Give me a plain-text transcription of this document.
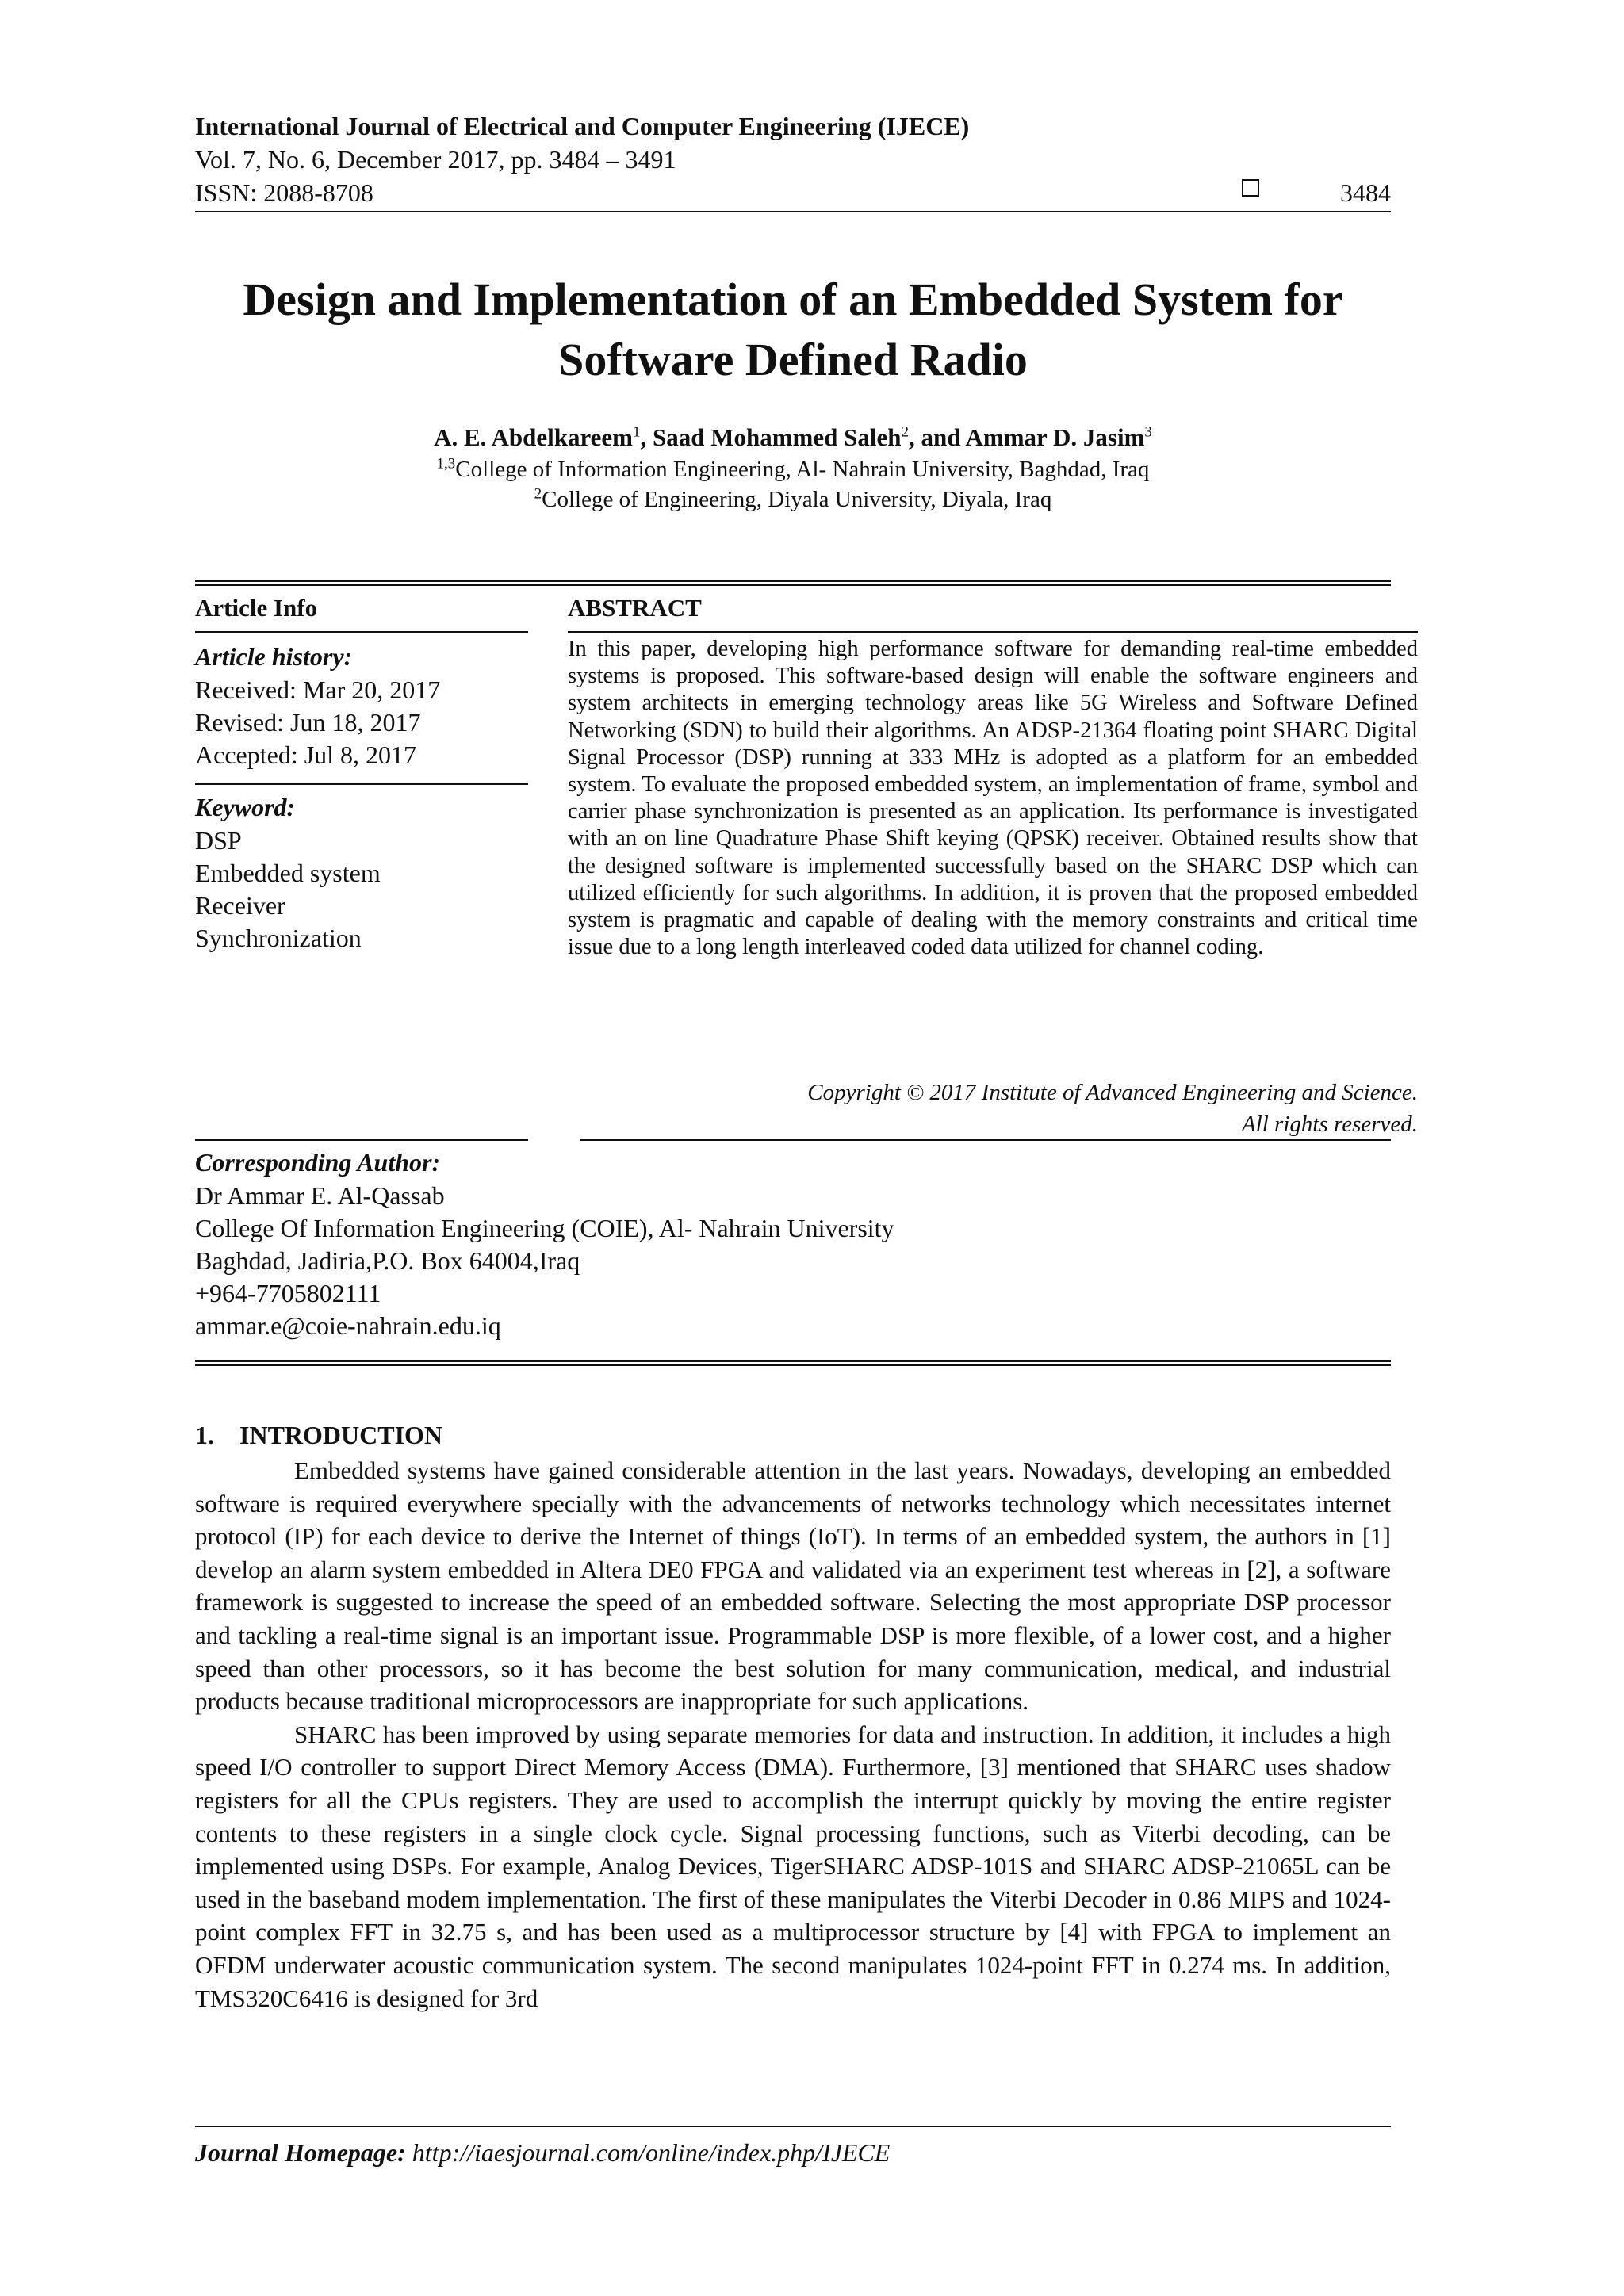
International Journal of Electrical and Computer Engineering (IJECE)
Vol. 7, No. 6, December 2017, pp. 3484 – 3491
ISSN: 2088-8708	3484
Design and Implementation of an Embedded System for
Software Defined Radio
A. E. Abdelkareem$^1$, Saad Mohammed Saleh$^2$, and Ammar D. Jasim$^3$
$^{1,3}$College of Information Engineering, Al- Nahrain University, Baghdad, Iraq
$^2$College of Engineering, Diyala University, Diyala, Iraq
Article Info
Article history:
Received: Mar 20, 2017
Revised: Jun 18, 2017
Accepted: Jul 8, 2017
Keyword:
DSP
Embedded system
Receiver
Synchronization
ABSTRACT
In this paper, developing high performance software for demanding real-time embedded systems is proposed. This software-based design will enable the software engineers and system architects in emerging technology areas like 5G Wireless and Software Defined Networking (SDN) to build their algorithms. An ADSP-21364 floating point SHARC Digital Signal Processor (DSP) running at 333 MHz is adopted as a platform for an embedded system. To evaluate the proposed embedded system, an implementation of frame, symbol and carrier phase synchronization is presented as an application. Its performance is investigated with an on line Quadrature Phase Shift keying (QPSK) receiver. Obtained results show that the designed software is implemented successfully based on the SHARC DSP which can utilized efficiently for such algorithms. In addition, it is proven that the proposed embedded system is pragmatic and capable of dealing with the memory constraints and critical time issue due to a long length interleaved coded data utilized for channel coding.
Copyright © 2017 Institute of Advanced Engineering and Science.
All rights reserved.
Corresponding Author:
Dr Ammar E. Al-Qassab
College Of Information Engineering (COIE), Al- Nahrain University
Baghdad, Jadiria,P.O. Box 64004,Iraq
+964-7705802111
ammar.e@coie-nahrain.edu.iq
1.    INTRODUCTION

Embedded systems have gained considerable attention in the last years. Nowadays, developing an embedded software is required everywhere specially with the advancements of networks technology which necessitates internet protocol (IP) for each device to derive the Internet of things (IoT). In terms of an embedded system, the authors in [1] develop an alarm system embedded in Altera DE0 FPGA and validated via an experiment test whereas in [2], a software framework is suggested to increase the speed of an embedded software. Selecting the most appropriate DSP processor and tackling a real-time signal is an important issue. Programmable DSP is more flexible, of a lower cost, and a higher speed than other processors, so it has become the best solution for many communication, medical, and industrial products because traditional microprocessors are inappropriate for such applications.

SHARC has been improved by using separate memories for data and instruction. In addition, it includes a high speed I/O controller to support Direct Memory Access (DMA). Furthermore, [3] mentioned that SHARC uses shadow registers for all the CPUs registers. They are used to accomplish the interrupt quickly by moving the entire register contents to these registers in a single clock cycle. Signal processing functions, such as Viterbi decoding, can be implemented using DSPs. For example, Analog Devices, TigerSHARC ADSP-101S and SHARC ADSP-21065L can be used in the baseband modem implementation. The first of these manipulates the Viterbi Decoder in 0.86 MIPS and 1024-point complex FFT in 32.75 s, and has been used as a multiprocessor structure by [4] with FPGA to implement an OFDM underwater acoustic communication system. The second manipulates 1024-point FFT in 0.274 ms. In addition, TMS320C6416 is designed for 3rd

Journal Homepage: http://iaesjournal.com/online/index.php/IJECE
